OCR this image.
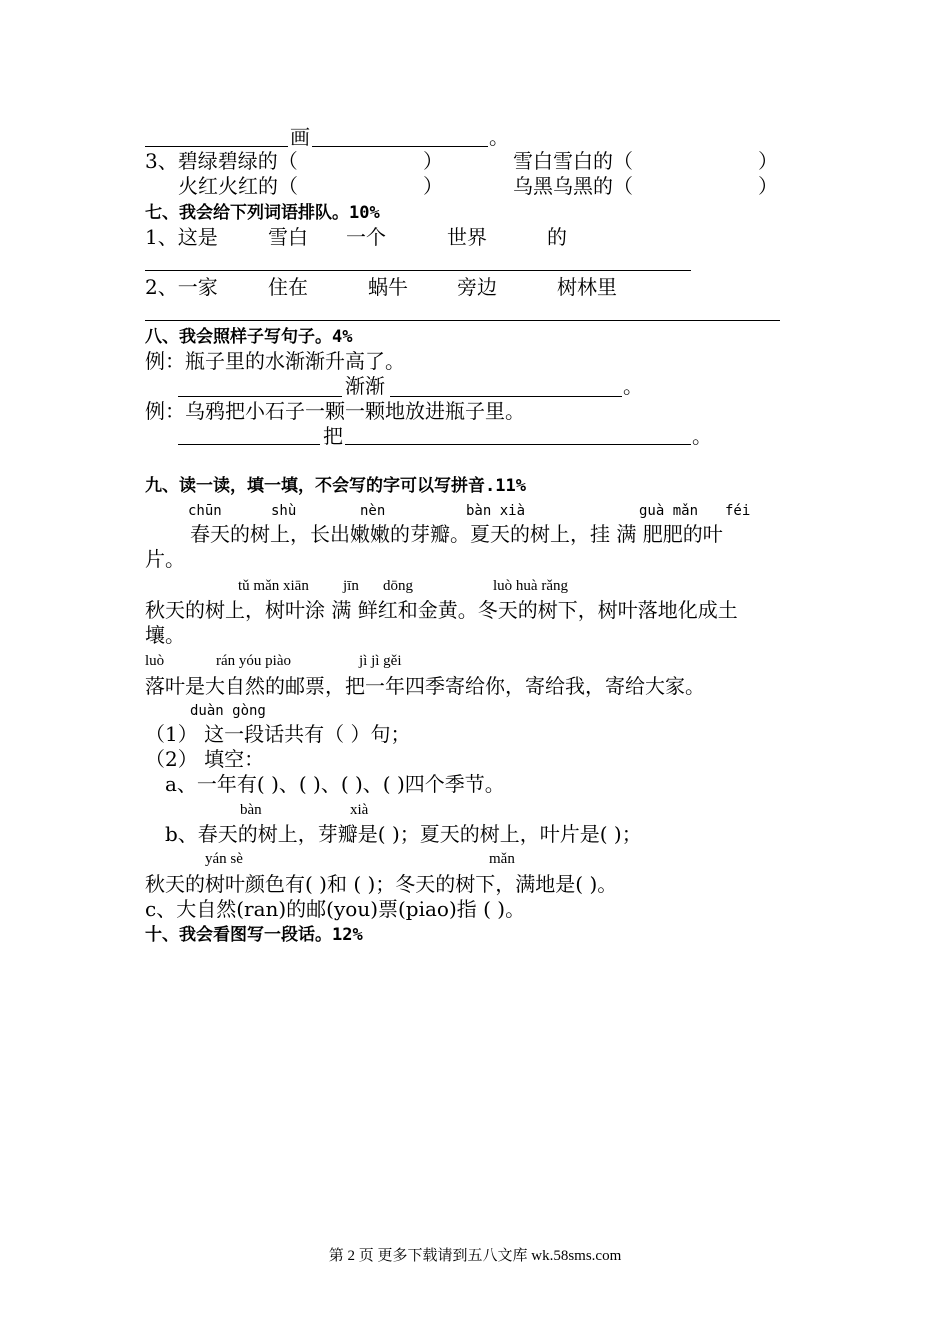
画	。
3、碧绿碧绿的（	）	雪白雪白的（	）
火红火红的（	）	乌黑乌黑的（	）
七、我会给下列词语排队。10%
1、这是	雪白 一个	世界	的
2、一家	住在	蜗牛 旁边	树林里
八、我会照样子写句子。4%
例：瓶子里的水渐渐升高了。
渐渐	。
例：乌鸦把小石子一颗一颗地放进瓶子里。
把	。
九、读一读，填一填，不会写的字可以写拼音.11%
chūn	shù	nèn	bàn xià	guà mǎn féi
春天的树上，长出嫩嫩的芽瓣。夏天的树上，挂 满 肥肥的叶
片。
tǔ mǎn xiān jīn dōng	luò huà rǎng
秋天的树上，树叶涂 满 鲜红和金黄。冬天的树下，树叶落地化成土
壤。
luò	rán yóu piào	jì jì gěi
落叶是大自然的邮票，把一年四季寄给你，寄给我，寄给大家。
duàn gòng
（1） 这一段话共有（ ）句；
（2） 填空：
a、一年有( )、( )、( )、( )四个季节。
bàn	xià
b、春天的树上，芽瓣是( )；夏天的树上，叶片是( )；
yán sè	mǎn
秋天的树叶颜色有( )和 ( )；冬天的树下，满地是( )。
c、大自然(ran)的邮(you)票(piao)指 ( )。
十、我会看图写一段话。12%
第 2 页 更多下载请到五八文库 wk.58sms.com
